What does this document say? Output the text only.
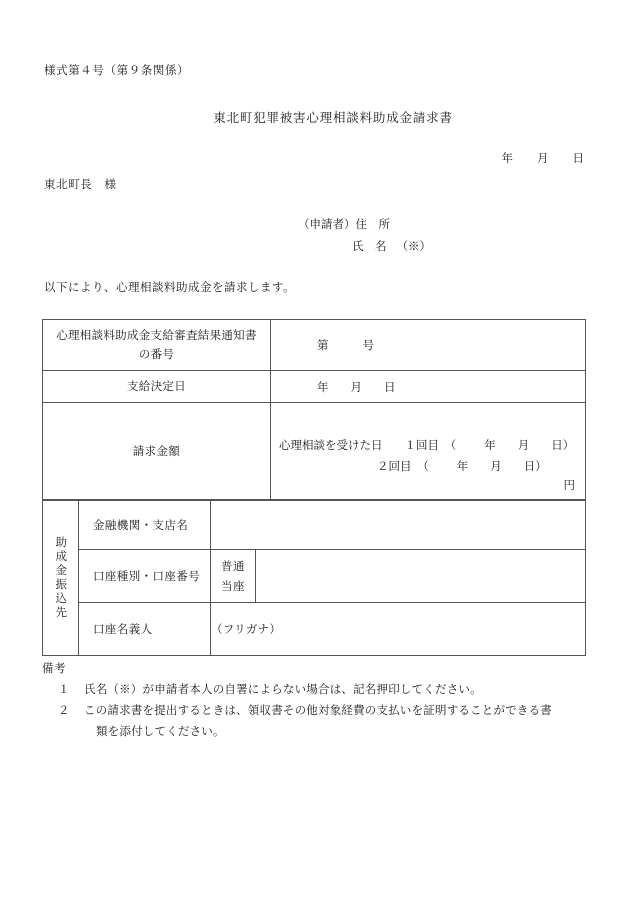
様式第４号（第９条関係）
東北町犯罪被害心理相談料助成金請求書
年 月 日
東北町長　様
（申請者）住　所
氏　名 （※）
以下により、心理相談料助成金を請求します。
心理相談料助成金支給審査結果通知書
の番号	第 号

支給決定日	年 月 日

請求金額	心理相談を受けた日 １回目　（ 年 月 日）
２回目　（ 年 月 日）
円
助成金振込先	金融機関・支店名		

	口座種別・口座番号	普通
当座	

	口座名義人	（フリガナ）	
備考
１	氏名（※）が申請者本人の自署によらない場合は、記名押印してください。
２	この請求書を提出するときは、領収書その他対象経費の支払いを証明することができる書
類を添付してください。
